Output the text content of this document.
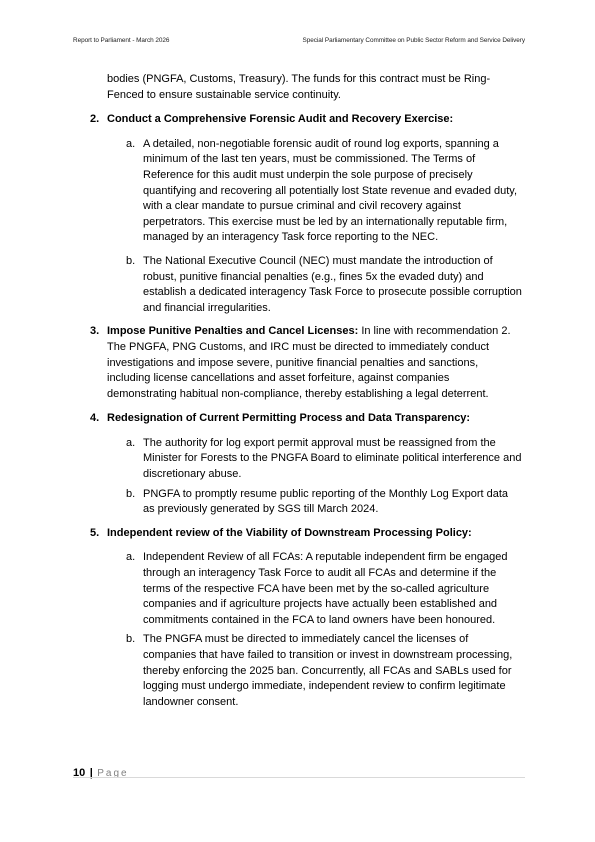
Report to Parliament - March 2026	Special Parliamentary Committee on Public Sector Reform and Service Delivery

bodies (PNGFA, Customs, Treasury). The funds for this contract must be Ring-Fenced to ensure sustainable service continuity.

2. Conduct a Comprehensive Forensic Audit and Recovery Exercise:
a. A detailed, non-negotiable forensic audit of round log exports, spanning a minimum of the last ten years, must be commissioned. The Terms of Reference for this audit must underpin the sole purpose of precisely quantifying and recovering all potentially lost State revenue and evaded duty, with a clear mandate to pursue criminal and civil recovery against perpetrators. This exercise must be led by an internationally reputable firm, managed by an interagency Task force reporting to the NEC.
b. The National Executive Council (NEC) must mandate the introduction of robust, punitive financial penalties (e.g., fines 5x the evaded duty) and establish a dedicated interagency Task Force to prosecute possible corruption and financial irregularities.
3. Impose Punitive Penalties and Cancel Licenses: In line with recommendation 2. The PNGFA, PNG Customs, and IRC must be directed to immediately conduct investigations and impose severe, punitive financial penalties and sanctions, including license cancellations and asset forfeiture, against companies demonstrating habitual non-compliance, thereby establishing a legal deterrent.
4. Redesignation of Current Permitting Process and Data Transparency:
a. The authority for log export permit approval must be reassigned from the Minister for Forests to the PNGFA Board to eliminate political interference and discretionary abuse.
b. PNGFA to promptly resume public reporting of the Monthly Log Export data as previously generated by SGS till March 2024.
5. Independent review of the Viability of Downstream Processing Policy:
a. Independent Review of all FCAs: A reputable independent firm be engaged through an interagency Task Force to audit all FCAs and determine if the terms of the respective FCA have been met by the so-called agriculture companies and if agriculture projects have actually been established and commitments contained in the FCA to land owners have been honoured.
b. The PNGFA must be directed to immediately cancel the licenses of companies that have failed to transition or invest in downstream processing, thereby enforcing the 2025 ban. Concurrently, all FCAs and SABLs used for logging must undergo immediate, independent review to confirm legitimate landowner consent.
10 | Page
